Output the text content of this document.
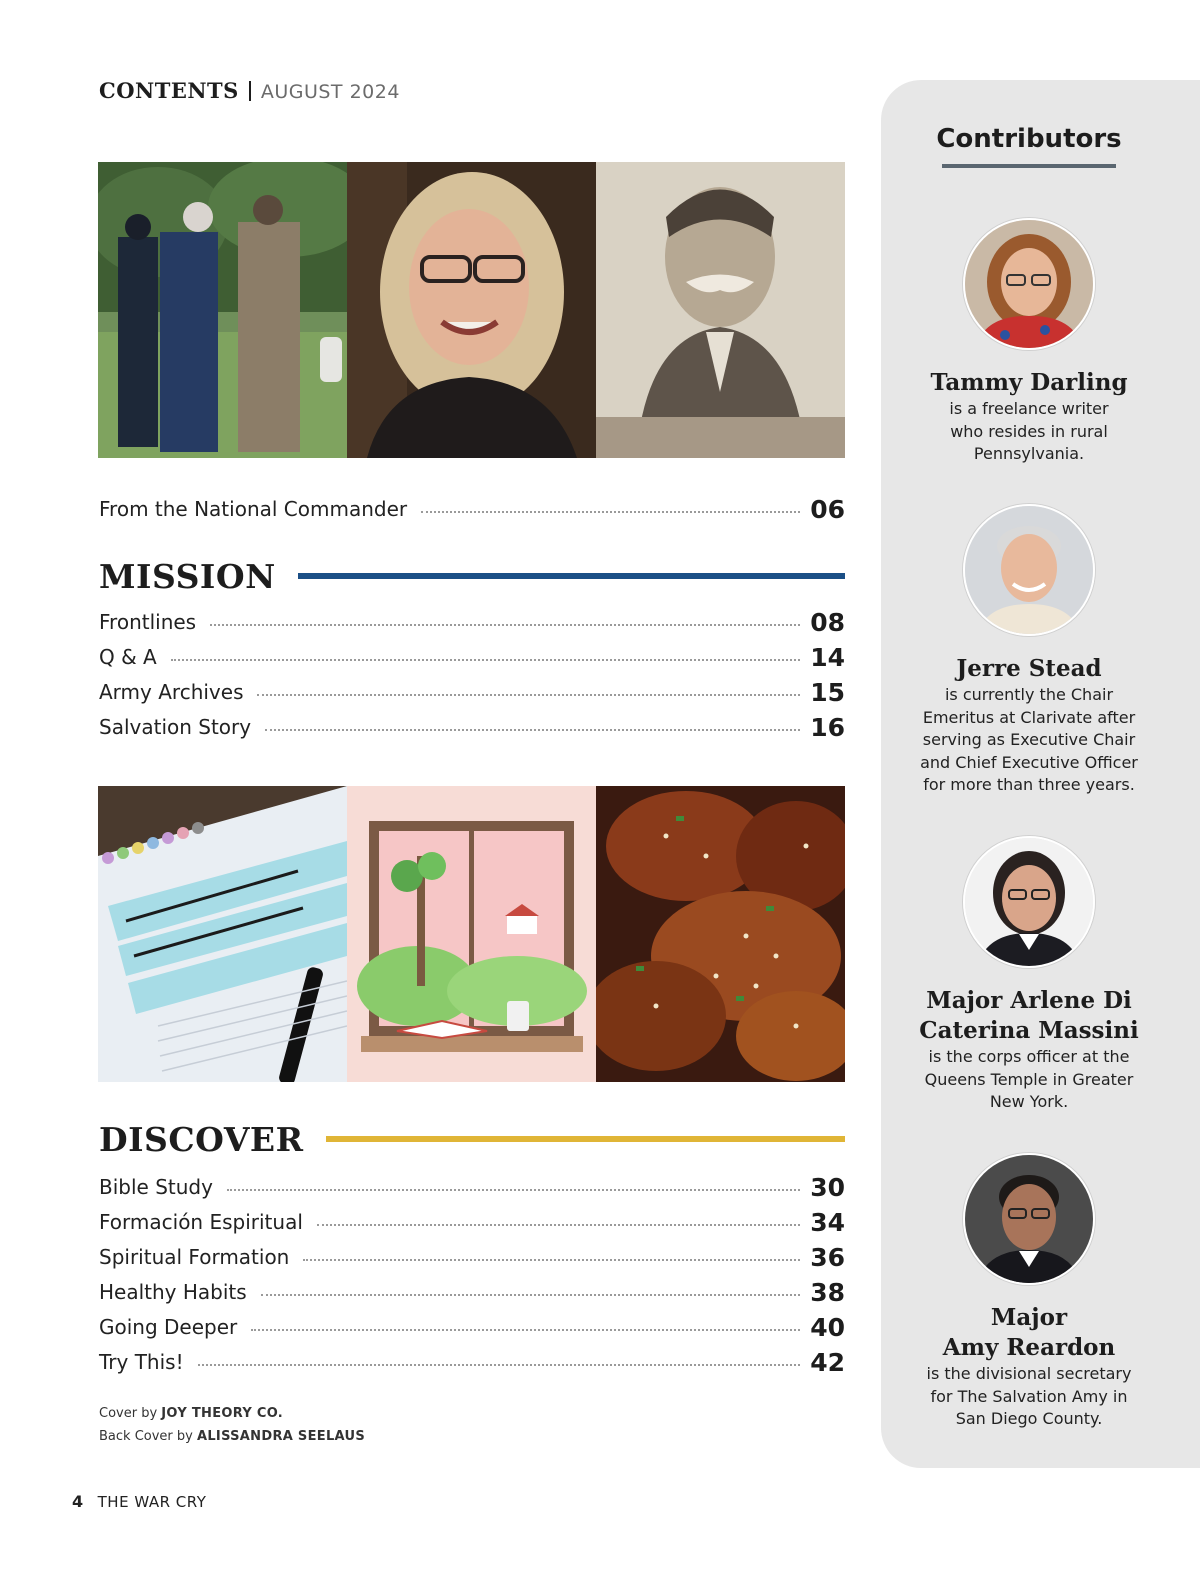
CONTENTS AUGUST 2024
From the National Commander	06
MISSION
Frontlines	08
Q & A	14
Army Archives	15
Salvation Story	16
DISCOVER
Bible Study	30
Formación Espiritual	34
Spiritual Formation	36
Healthy Habits	38
Going Deeper	40
Try This!	42
Cover by JOY THEORY CO.
Back Cover by ALISSANDRA SEELAUS
4 THE WAR CRY
Contributors
Tammy Darling
is a freelance writer
who resides in rural
Pennsylvania.
Jerre Stead
is currently the Chair
Emeritus at Clarivate after
serving as Executive Chair
and Chief Executive Officer
for more than three years.
Major Arlene Di
Caterina Massini
is the corps officer at the
Queens Temple in Greater
New York.
Major
Amy Reardon
is the divisional secretary
for The Salvation Amy in
San Diego County.
